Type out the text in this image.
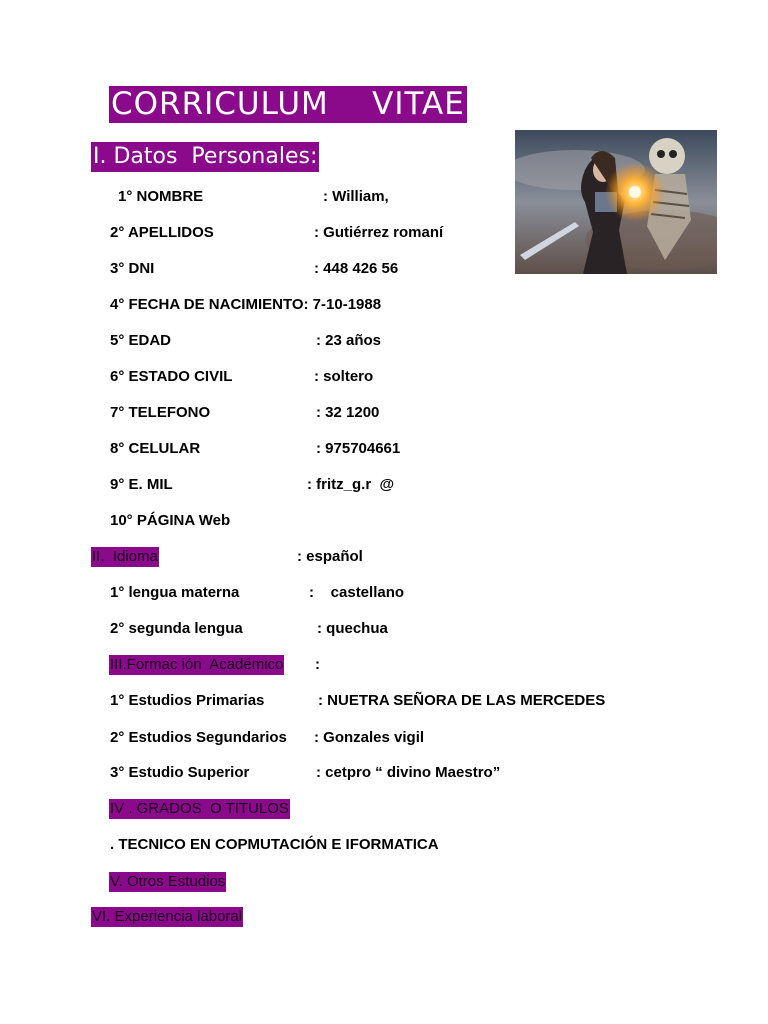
CORRICULUM    VITAE
I. Datos  Personales:
1° NOMBRE	: William,
2° APELLIDOS	: Gutiérrez romaní
3° DNI	: 448 426 56
4° FECHA DE NACIMIENTO: 7-10-1988
5° EDAD	: 23 años
6° ESTADO CIVIL	: soltero
7° TELEFONO	: 32 1200
8° CELULAR	: 975704661
9° E. MIL	: fritz_g.r  @
10° PÁGINA Web
II.  Idioma	: español
1° lengua materna	:    castellano
2° segunda lengua	: quechua
III.Formac ión  Académico :
1° Estudios Primarias	: NUETRA SEÑORA DE LAS MERCEDES
2° Estudios Segundarios : Gonzales vigil
3° Estudio Superior	: cetpro “ divino Maestro”
IV . GRADOS  O TITULOS
. TECNICO EN COPMUTACIÓN E IFORMATICA
V. Otros Estudios
VI. Experiencia laboral
